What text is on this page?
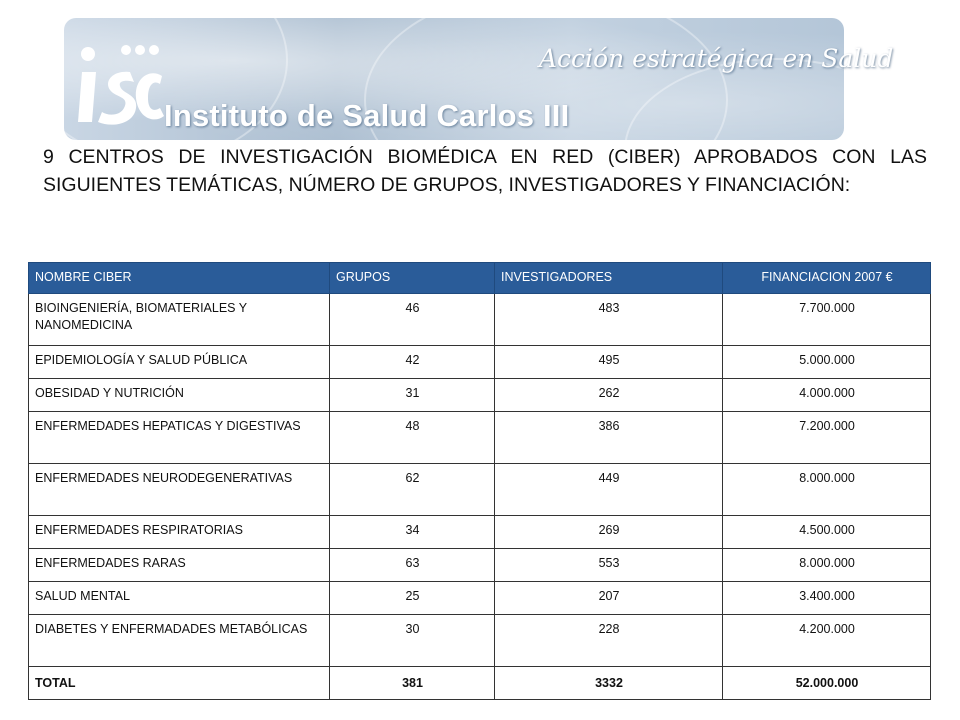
Acción estratégica en Salud
Instituto de Salud Carlos III
9 CENTROS DE INVESTIGACIÓN BIOMÉDICA EN RED (CIBER) APROBADOS CON LAS SIGUIENTES TEMÁTICAS, NÚMERO DE GRUPOS, INVESTIGADORES Y FINANCIACIÓN:
NOMBRE CIBER	GRUPOS	INVESTIGADORES	FINANCIACION 2007 €
BIOINGENIERÍA, BIOMATERIALES Y NANOMEDICINA	46	483	7.700.000
EPIDEMIOLOGÍA Y SALUD PÚBLICA	42	495	5.000.000
OBESIDAD Y NUTRICIÓN	31	262	4.000.000
ENFERMEDADES HEPATICAS Y DIGESTIVAS	48	386	7.200.000
ENFERMEDADES NEURODEGENERATIVAS	62	449	8.000.000
ENFERMEDADES RESPIRATORIAS	34	269	4.500.000
ENFERMEDADES RARAS	63	553	8.000.000
SALUD MENTAL	25	207	3.400.000
DIABETES Y ENFERMADADES METABÓLICAS	30	228	4.200.000
TOTAL	381	3332	52.000.000
